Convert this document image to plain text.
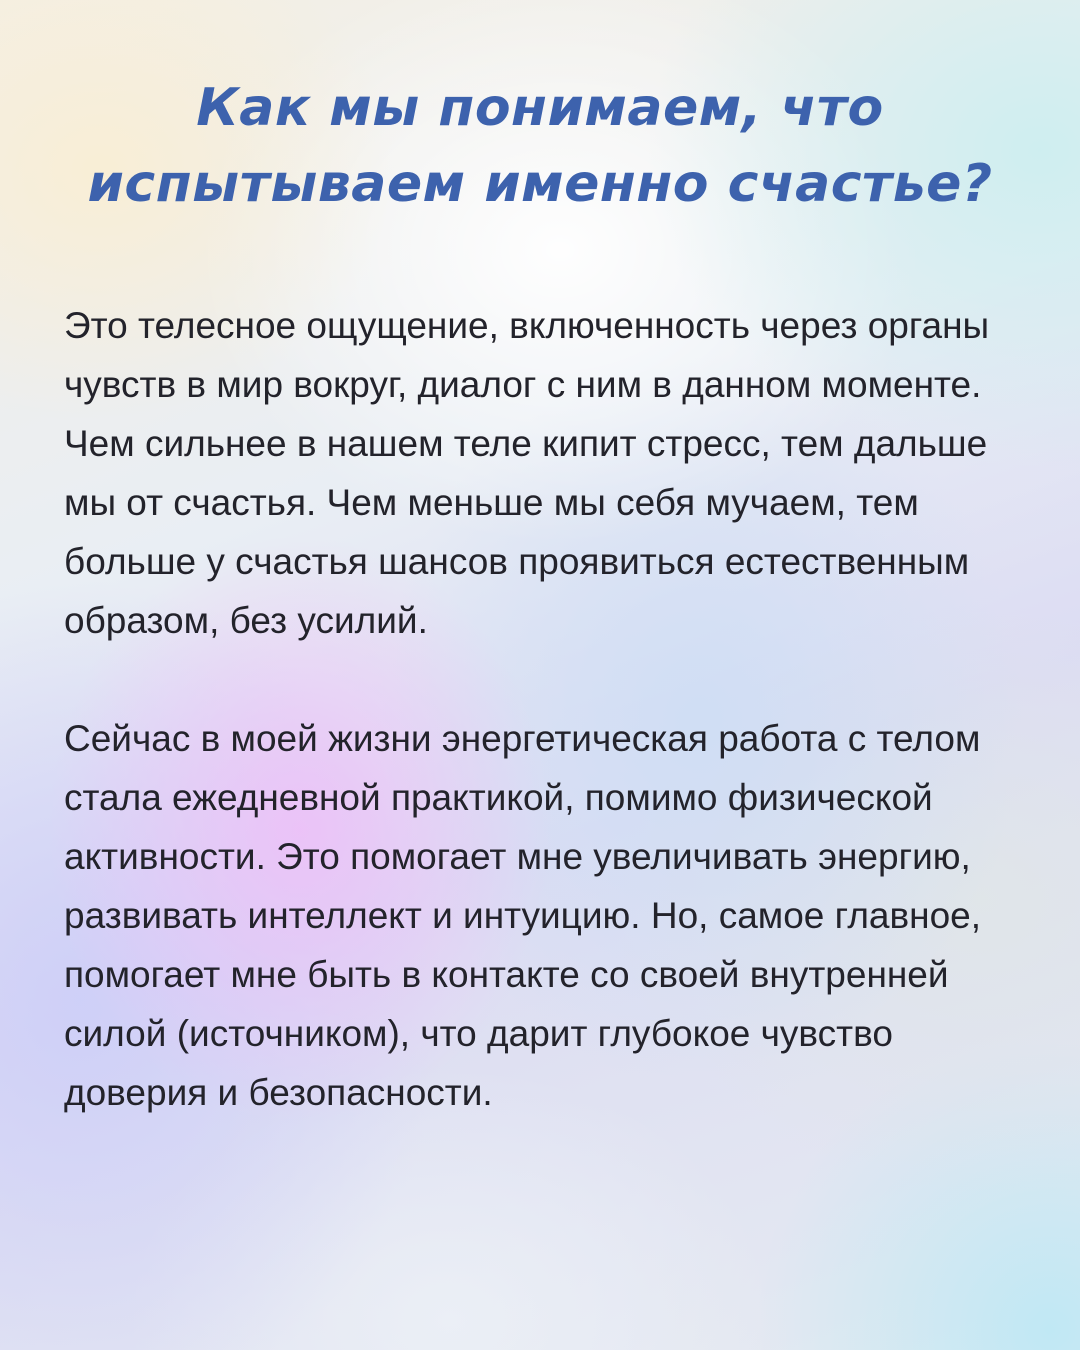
Как мы понимаем, что
испытываем именно счастье?

Это телесное ощущение, включенность через органы чувств в мир вокруг, диалог с ним в данном моменте. Чем сильнее в нашем теле кипит стресс, тем дальше мы от счастья. Чем меньше мы себя мучаем, тем больше у счастья шансов проявиться естественным образом, без усилий.

Сейчас в моей жизни энергетическая работа с телом стала ежедневной практикой, помимо физической активности. Это помогает мне увеличивать энергию, развивать интеллект и интуицию. Но, самое главное, помогает мне быть в контакте со своей внутренней силой (источником), что дарит глубокое чувство доверия и безопасности.
